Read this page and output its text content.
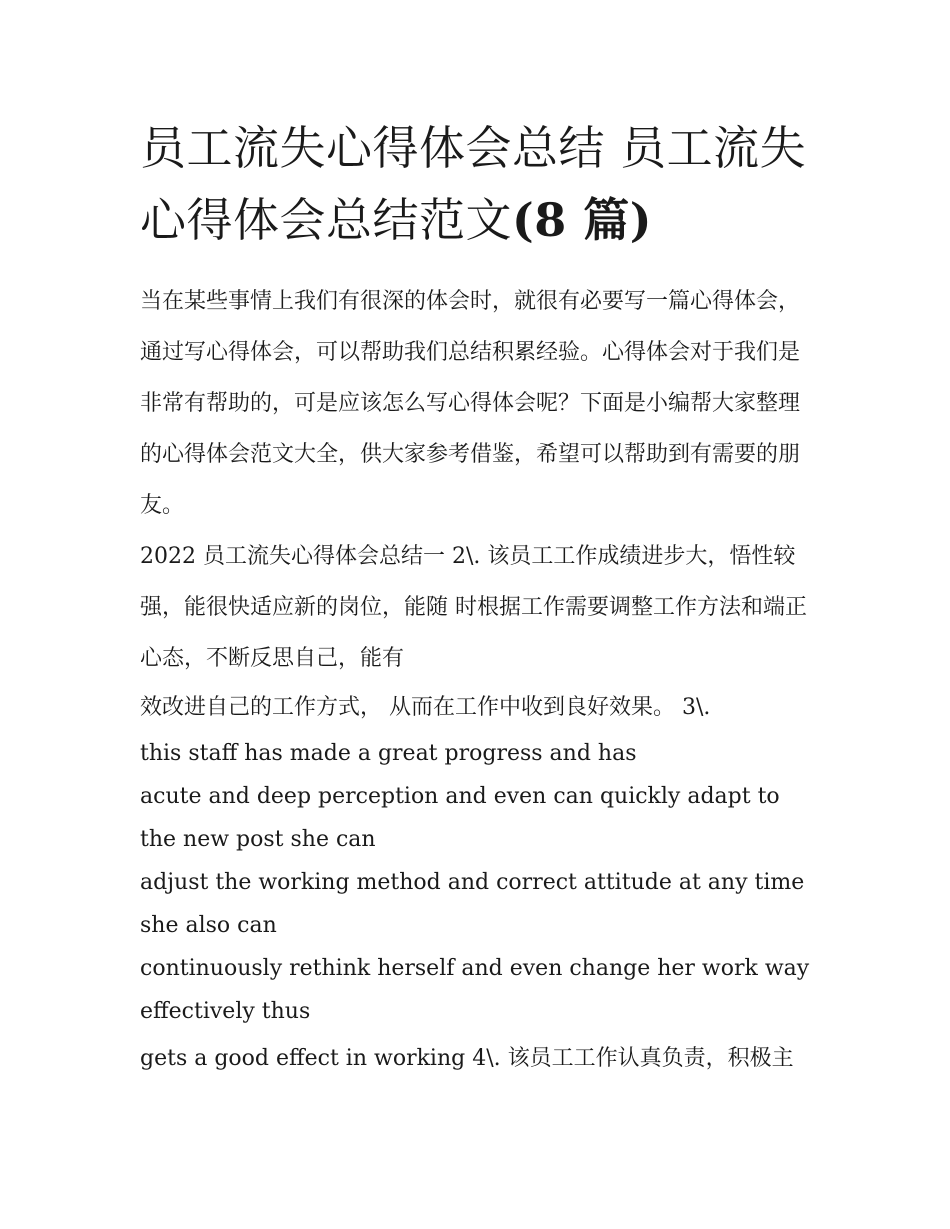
员工流失心得体会总结 员工流失心得体会总结范文(8 篇)

当在某些事情上我们有很深的体会时，就很有必要写一篇心得体会，通过写心得体会，可以帮助我们总结积累经验。心得体会对于我们是非常有帮助的，可是应该怎么写心得体会呢？下面是小编帮大家整理的心得体会范文大全，供大家参考借鉴，希望可以帮助到有需要的朋友。

2022 员工流失心得体会总结一 2\. 该员工工作成绩进步大，悟性较强，能很快适应新的岗位，能随 时根据工作需要调整工作方法和端正心态，不断反思自己，能有

效改进自己的工作方式， 从而在工作中收到良好效果。 3\.

this staff has made a great progress and has

acute and deep perception and even can quickly adapt to the new post she can

adjust the working method and correct attitude at any time she also can

continuously rethink herself and even change her work way effectively thus

gets a good effect in working 4\. 该员工工作认真负责，积极主
